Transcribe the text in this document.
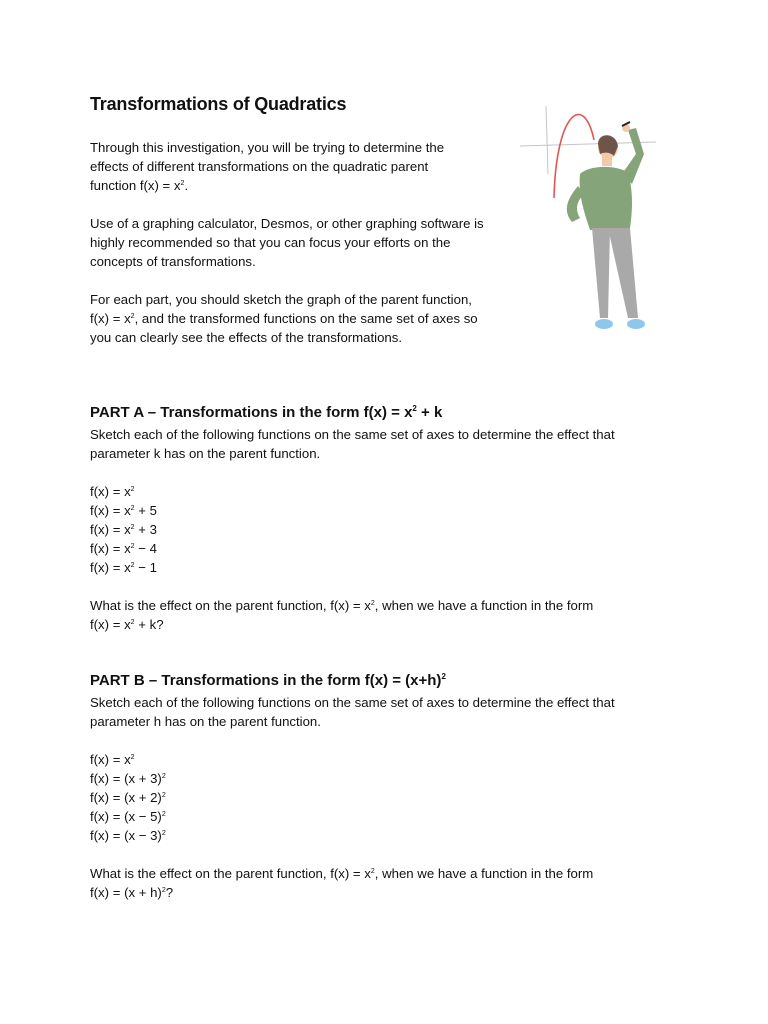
Transformations of Quadratics

Through this investigation, you will be trying to determine the
effects of different transformations on the quadratic parent
function $f(x) = x^2$.

Use of a graphing calculator, Desmos, or other graphing software is
highly recommended so that you can focus your efforts on the
concepts of transformations.

For each part, you should sketch the graph of the parent function,
$f(x) = x^2$, and the transformed functions on the same set of axes so
you can clearly see the effects of the transformations.

PART A – Transformations in the form $f(x) = x^2 + k$

Sketch each of the following functions on the same set of axes to determine the effect that
parameter k has on the parent function.

$f(x) = x^2$
$f(x) = x^2 + 5$
$f(x) = x^2 + 3$
$f(x) = x^2 - 4$
$f(x) = x^2 - 1$

What is the effect on the parent function, $f(x) = x^2$, when we have a function in the form
$f(x) = x^2 + k$?

PART B – Transformations in the form $f(x) = (x+h)^2$

Sketch each of the following functions on the same set of axes to determine the effect that
parameter h has on the parent function.

$f(x) = x^2$
$f(x) = (x + 3)^2$
$f(x) = (x + 2)^2$
$f(x) = (x - 5)^2$
$f(x) = (x - 3)^2$

What is the effect on the parent function, $f(x) = x^2$, when we have a function in the form
$f(x) = (x + h)^2$?
